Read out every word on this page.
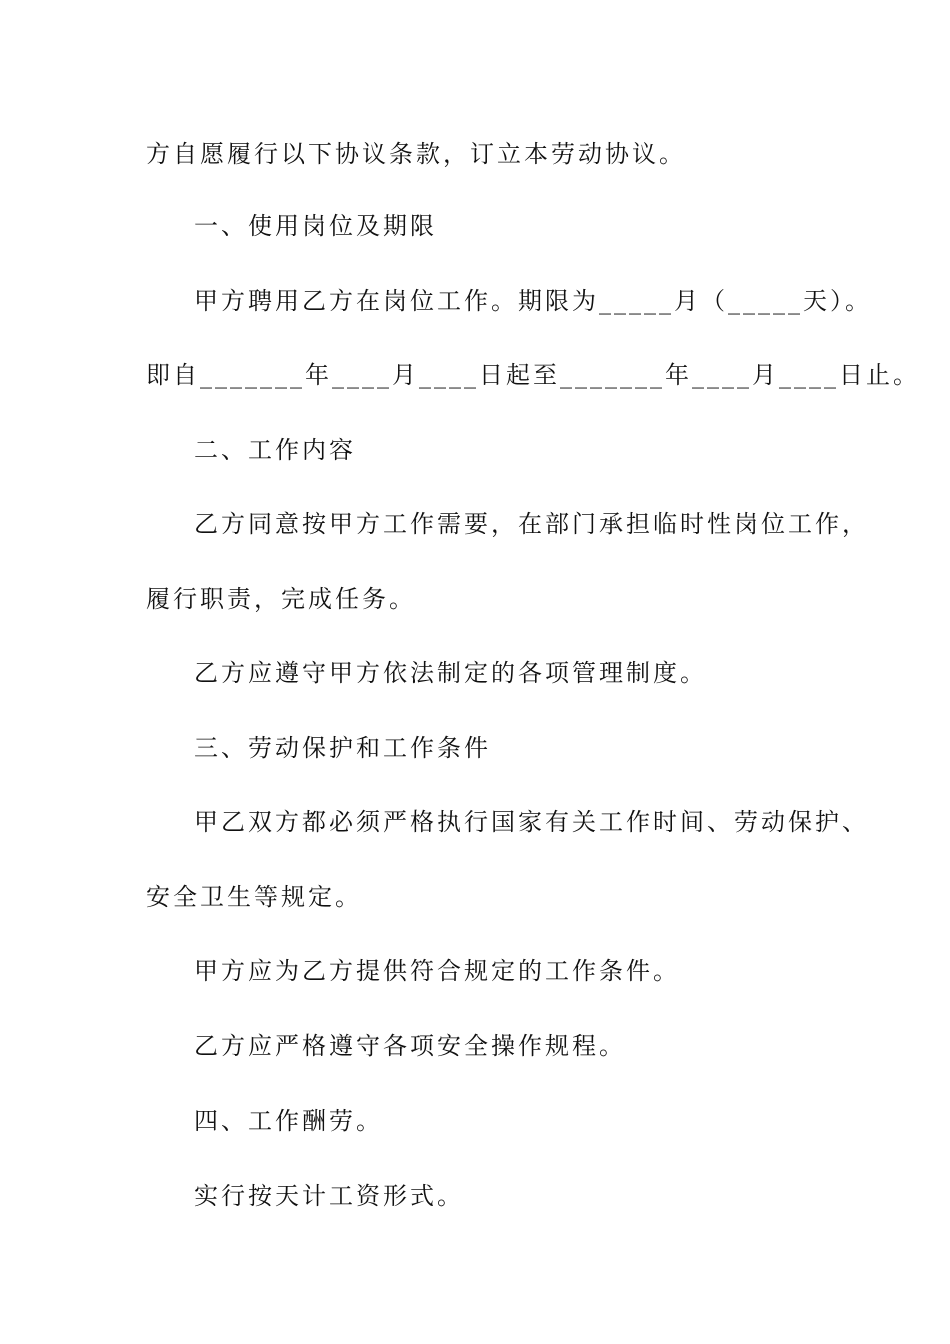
方自愿履行以下协议条款，订立本劳动协议。
一、使用岗位及期限
甲方聘用乙方在岗位工作。期限为_____月（_____天）。
即自_______年____月____日起至_______年____月____日止。
二、工作内容
乙方同意按甲方工作需要，在部门承担临时性岗位工作，
履行职责，完成任务。
乙方应遵守甲方依法制定的各项管理制度。
三、劳动保护和工作条件
甲乙双方都必须严格执行国家有关工作时间、劳动保护、
安全卫生等规定。
甲方应为乙方提供符合规定的工作条件。
乙方应严格遵守各项安全操作规程。
四、工作酬劳。
实行按天计工资形式。
